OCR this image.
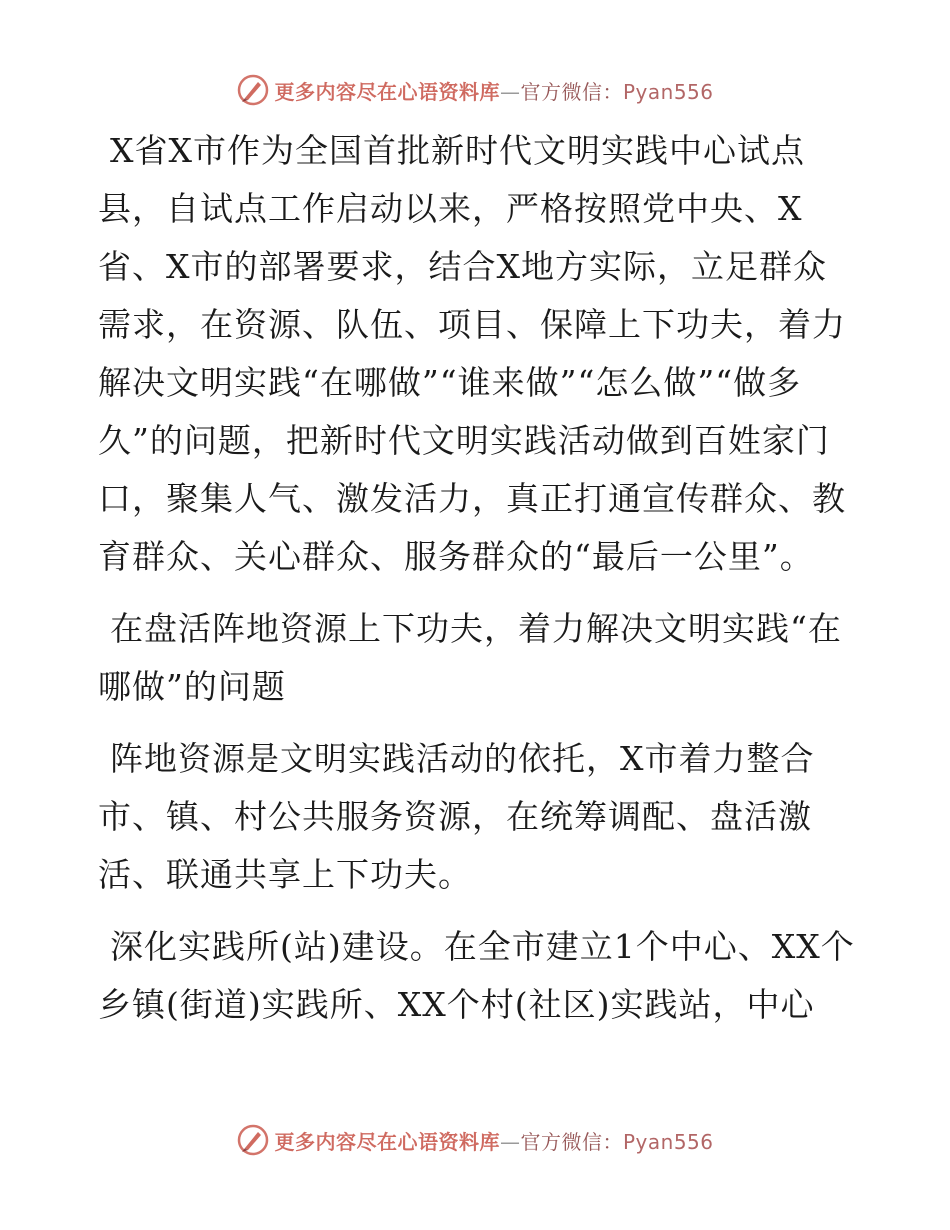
更多内容尽在心语资料库—官方微信：Pyan556

X省X市作为全国首批新时代文明实践中心试点县，自试点工作启动以来，严格按照党中央、X省、X市的部署要求，结合X地方实际，立足群众需求，在资源、队伍、项目、保障上下功夫，着力解决文明实践“在哪做”“谁来做”“怎么做”“做多久”的问题，把新时代文明实践活动做到百姓家门口，聚集人气、激发活力，真正打通宣传群众、教育群众、关心群众、服务群众的“最后一公里”。

在盘活阵地资源上下功夫，着力解决文明实践“在哪做”的问题

阵地资源是文明实践活动的依托，X市着力整合市、镇、村公共服务资源，在统筹调配、盘活激活、联通共享上下功夫。

深化实践所(站)建设。在全市建立1个中心、XX个乡镇(街道)实践所、XX个村(社区)实践站，中心

更多内容尽在心语资料库—官方微信：Pyan556
